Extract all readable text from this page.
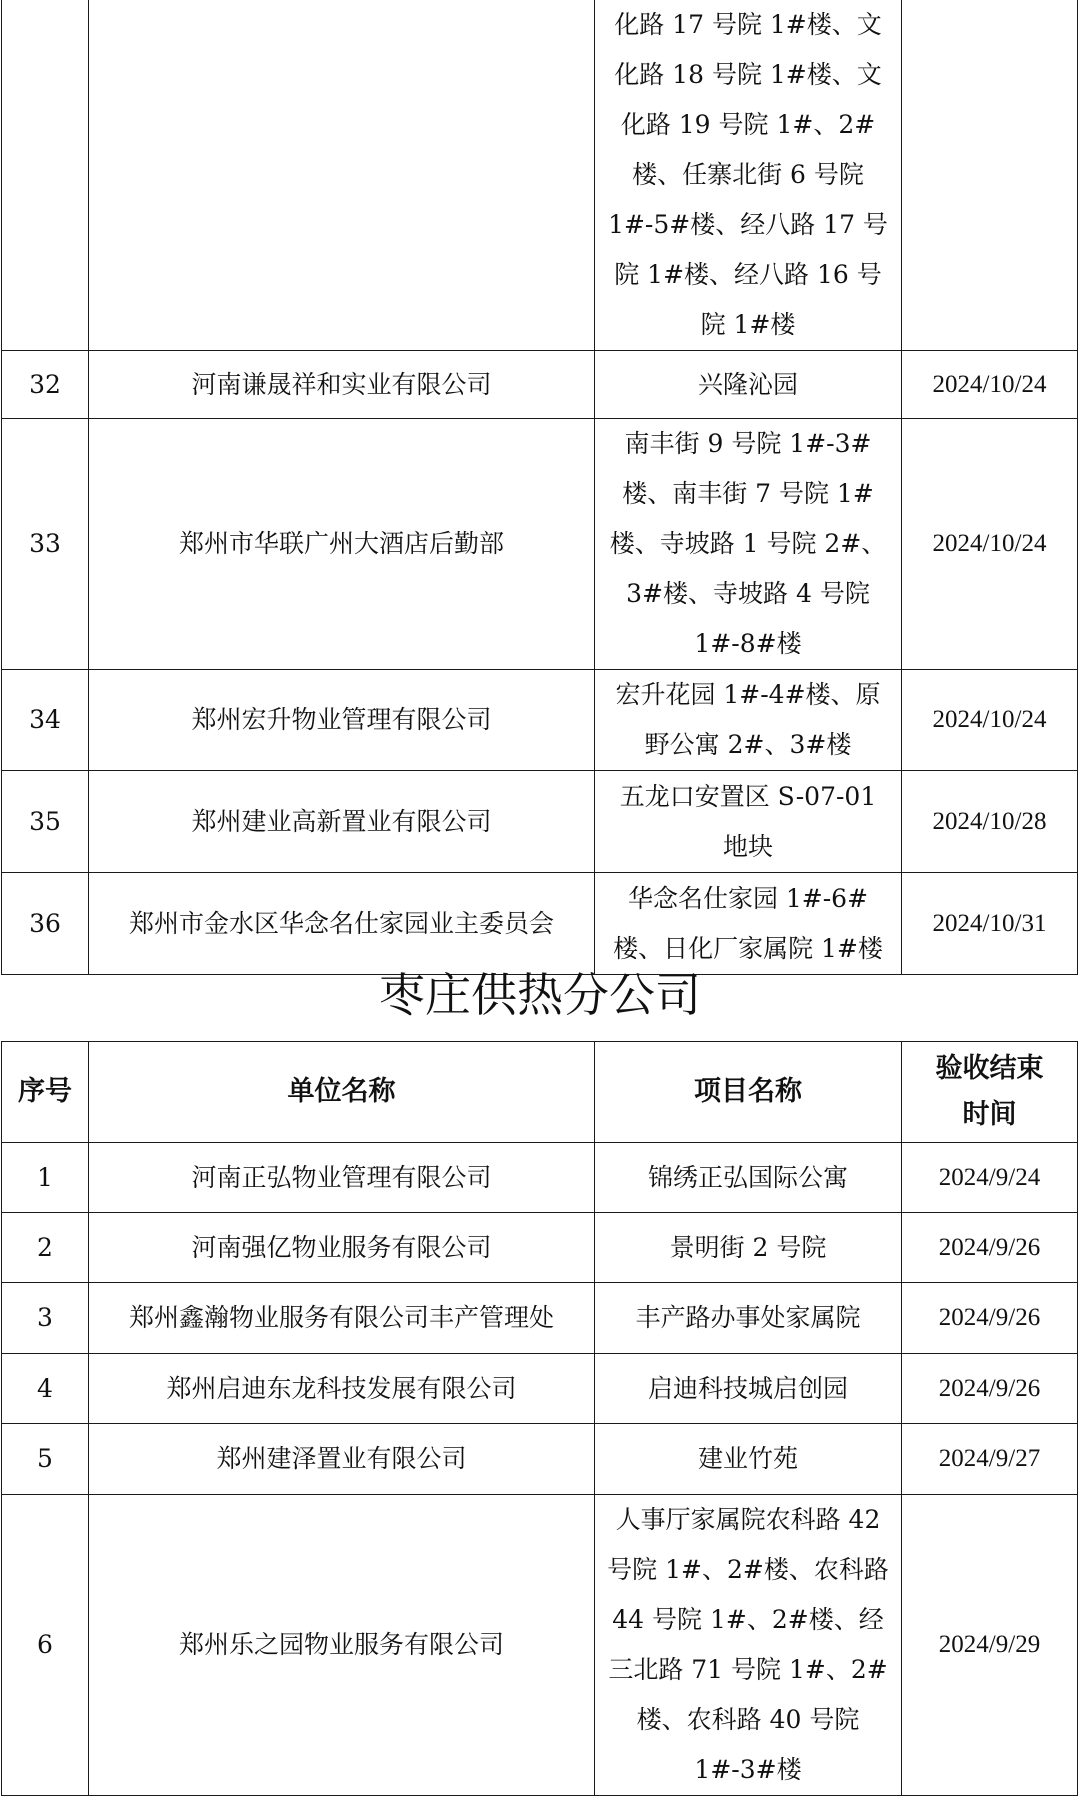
		化路 17 号院 1#楼、文化路 18 号院 1#楼、文化路 19 号院 1#、2#楼、任寨北街 6 号院 1#-5#楼、经八路 17 号院 1#楼、经八路 16 号院 1#楼	
32	河南谦晟祥和实业有限公司	兴隆沁园	2024/10/24
33	郑州市华联广州大酒店后勤部	南丰街 9 号院 1#-3#楼、南丰街 7 号院 1#楼、寺坡路 1 号院 2#、3#楼、寺坡路 4 号院 1#-8#楼	2024/10/24
34	郑州宏升物业管理有限公司	宏升花园 1#-4#楼、原野公寓 2#、3#楼	2024/10/24
35	郑州建业高新置业有限公司	五龙口安置区 S-07-01 地块	2024/10/28
36	郑州市金水区华念名仕家园业主委员会	华念名仕家园 1#-6#楼、日化厂家属院 1#楼	2024/10/31
枣庄供热分公司
序号	单位名称	项目名称	验收结束时间
1	河南正弘物业管理有限公司	锦绣正弘国际公寓	2024/9/24
2	河南强亿物业服务有限公司	景明街 2 号院	2024/9/26
3	郑州鑫瀚物业服务有限公司丰产管理处	丰产路办事处家属院	2024/9/26
4	郑州启迪东龙科技发展有限公司	启迪科技城启创园	2024/9/26
5	郑州建泽置业有限公司	建业竹苑	2024/9/27
6	郑州乐之园物业服务有限公司	人事厅家属院农科路 42 号院 1#、2#楼、农科路 44 号院 1#、2#楼、经三北路 71 号院 1#、2#楼、农科路 40 号院 1#-3#楼	2024/9/29
